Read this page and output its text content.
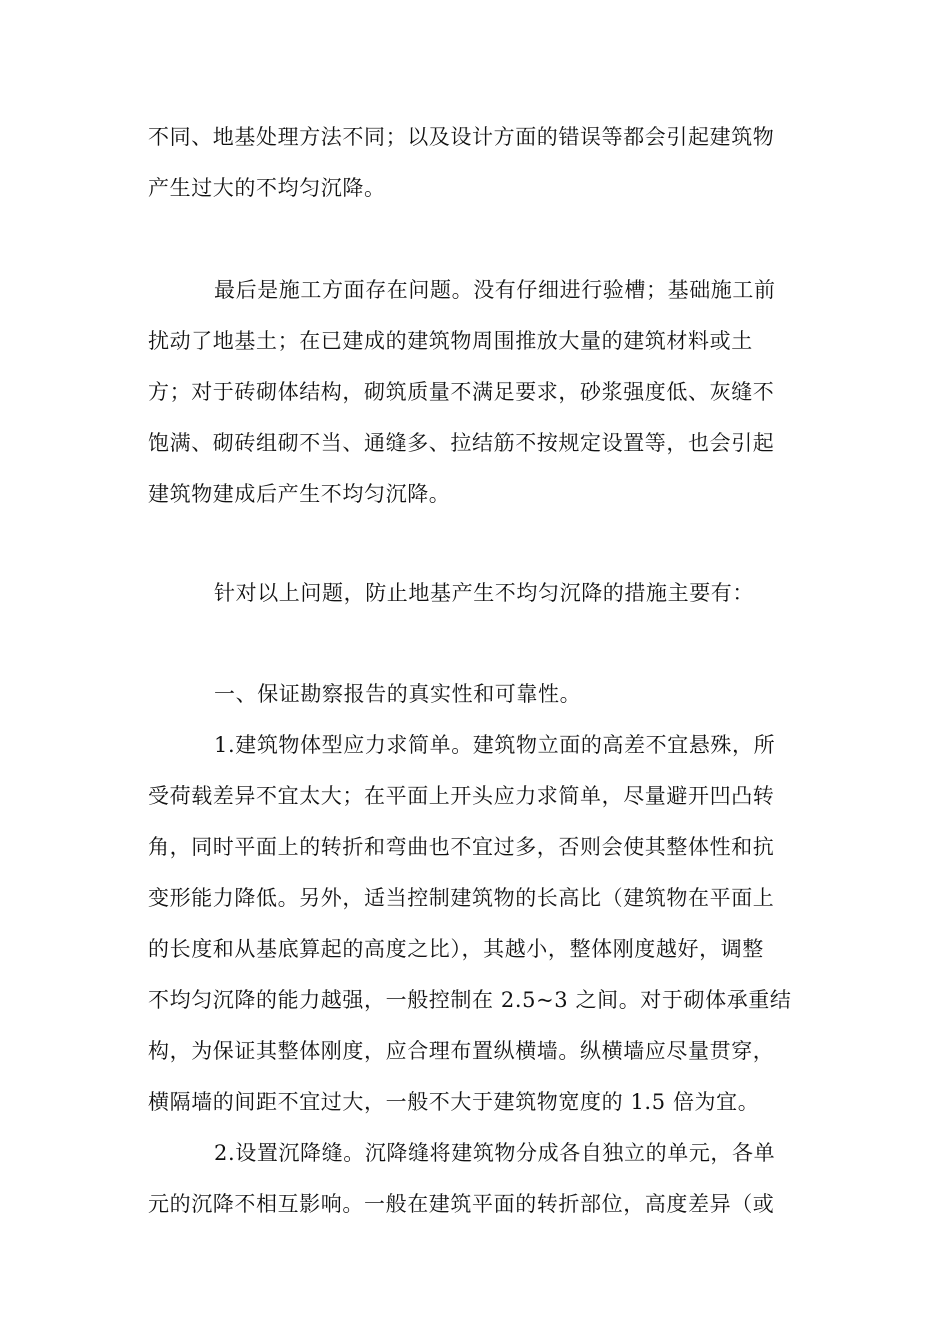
不同、地基处理方法不同；以及设计方面的错误等都会引起建筑物
产生过大的不均匀沉降。
最后是施工方面存在问题。没有仔细进行验槽；基础施工前
扰动了地基土；在已建成的建筑物周围推放大量的建筑材料或土
方；对于砖砌体结构，砌筑质量不满足要求，砂浆强度低、灰缝不
饱满、砌砖组砌不当、通缝多、拉结筋不按规定设置等，也会引起
建筑物建成后产生不均匀沉降。
针对以上问题，防止地基产生不均匀沉降的措施主要有：
一、保证勘察报告的真实性和可靠性。
1.建筑物体型应力求简单。建筑物立面的高差不宜悬殊，所
受荷载差异不宜太大；在平面上开头应力求简单，尽量避开凹凸转
角，同时平面上的转折和弯曲也不宜过多，否则会使其整体性和抗
变形能力降低。另外，适当控制建筑物的长高比（建筑物在平面上
的长度和从基底算起的高度之比），其越小，整体刚度越好，调整
不均匀沉降的能力越强，一般控制在 2.5~3 之间。对于砌体承重结
构，为保证其整体刚度，应合理布置纵横墙。纵横墙应尽量贯穿，
横隔墙的间距不宜过大，一般不大于建筑物宽度的 1.5 倍为宜。
2.设置沉降缝。沉降缝将建筑物分成各自独立的单元，各单
元的沉降不相互影响。一般在建筑平面的转折部位，高度差异（或
